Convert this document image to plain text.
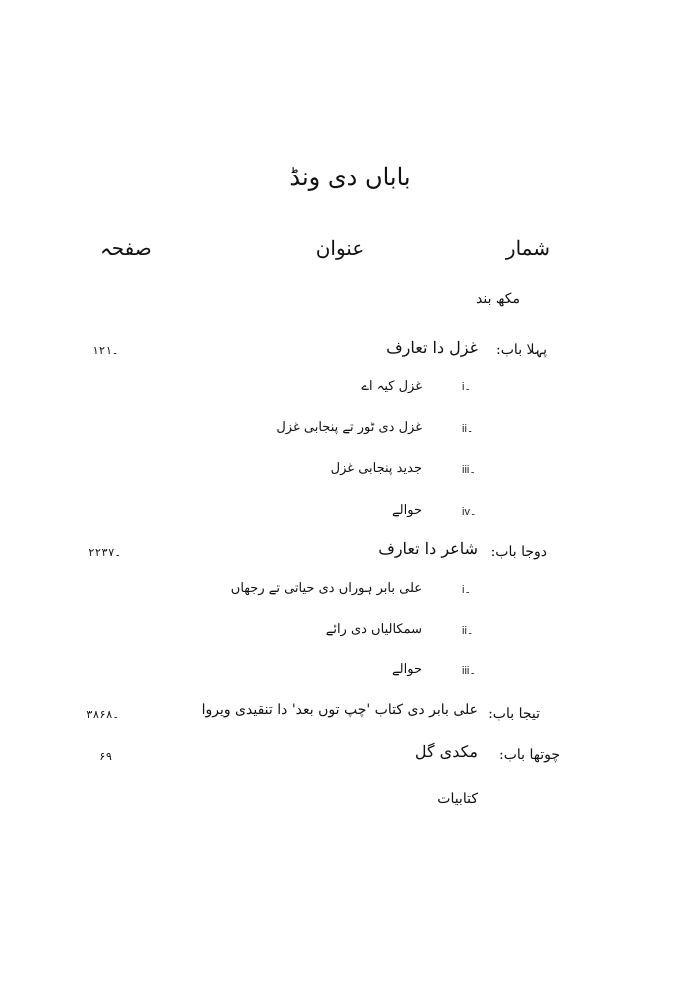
باباں دی ونڈ
شمار
عنوان
صفحہ
مکھ بند
پہلا باب:
غزل دا تعارف
۱۔۲۱
i۔
غزل کیہ اے
ii۔
غزل دی ٹور تے پنجابی غزل
iii۔
جدید پنجابی غزل
iv۔
حوالے
دوجا باب:
شاعر دا تعارف
۲۲۔۳۷
i۔
علی بابر ہوراں دی حیاتی تے رجھاں
ii۔
سمکالیاں دی رائے
iii۔
حوالے
تیجا باب:
علی بابر دی کتاب 'چپ توں بعد' دا تنقیدی ویروا
۳۸۔۶۸
چوتھا باب:
مکدی گل
۶۹
کتابیات
